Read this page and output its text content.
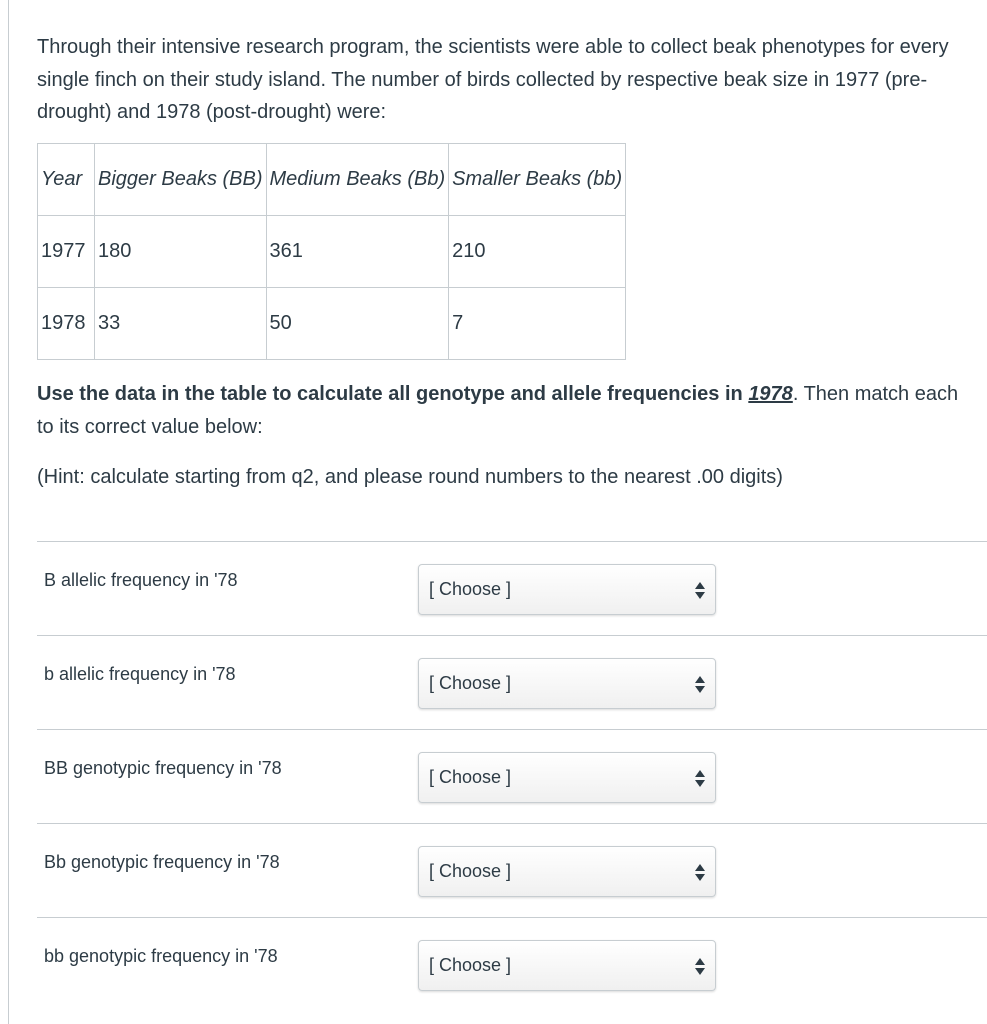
Through their intensive research program, the scientists were able to collect beak phenotypes for every single finch on their study island. The number of birds collected by respective beak size in 1977 (pre-drought) and 1978 (post-drought) were:

Year	Bigger Beaks (BB)	Medium Beaks (Bb)	Smaller Beaks (bb)
1977	180	361	210
1978	33	50	7

Use the data in the table to calculate all genotype and allele frequencies in 1978. Then match each to its correct value below:

(Hint: calculate starting from q2, and please round numbers to the nearest .00 digits)

B allelic frequency in '78	[ Choose ]
b allelic frequency in '78	[ Choose ]
BB genotypic frequency in '78	[ Choose ]
Bb genotypic frequency in '78	[ Choose ]
bb genotypic frequency in '78	[ Choose ]
